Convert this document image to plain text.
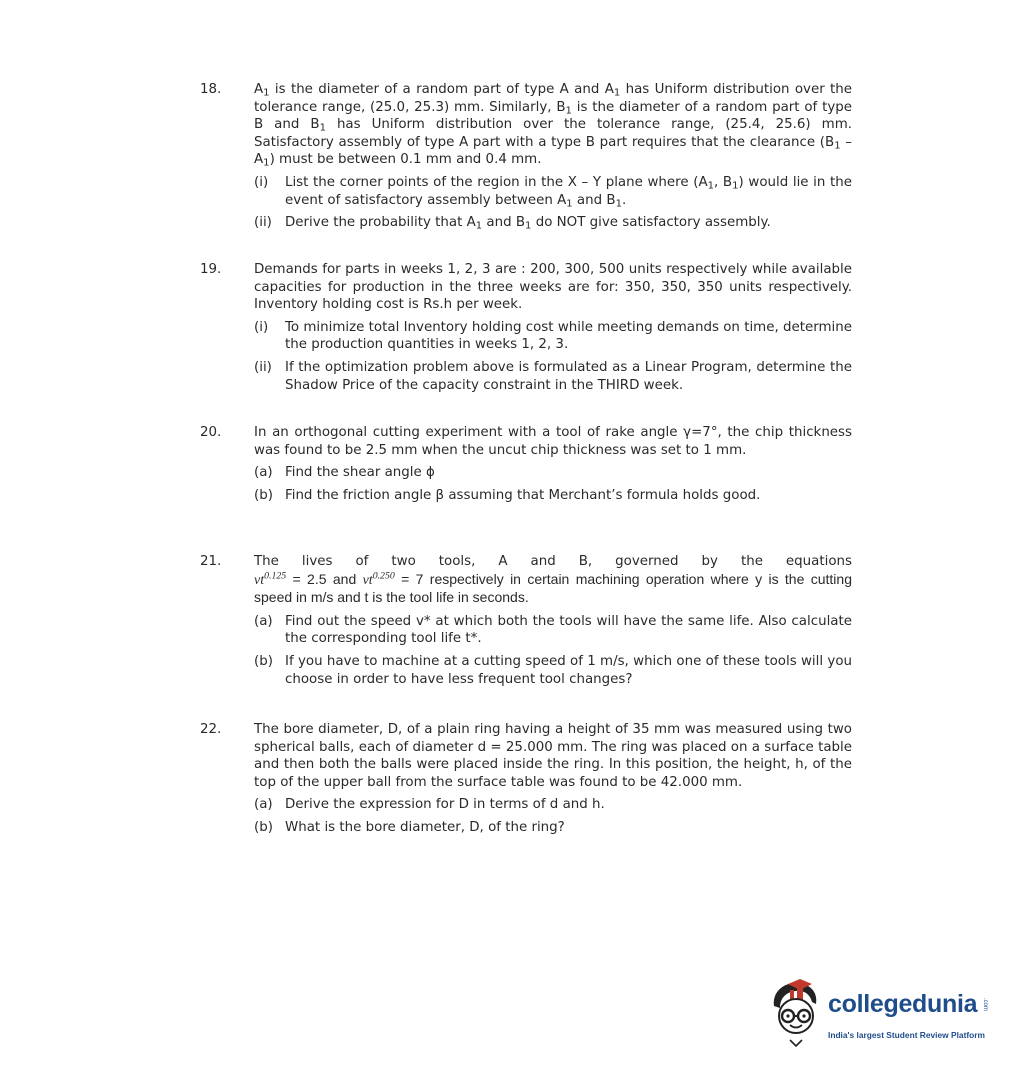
18. $A_1$ is the diameter of a random part of type A and $A_1$ has Uniform distribution over the tolerance range, (25.0, 25.3) mm. Similarly, $B_1$ is the diameter of a random part of type B and $B_1$ has Uniform distribution over the tolerance range, (25.4, 25.6) mm. Satisfactory assembly of type A part with a type B part requires that the clearance $(B_1 - A_1)$ must be between 0.1 mm and 0.4 mm.
(i)	List the corner points of the region in the X – Y plane where ($A_1$, $B_1$) would lie in the event of satisfactory assembly between $A_1$ and $B_1$.
(ii) Derive the probability that $A_1$ and $B_1$ do NOT give satisfactory assembly.
19. Demands for parts in weeks 1, 2, 3 are : 200, 300, 500 units respectively while available capacities for production in the three weeks are for: 350, 350, 350 units respectively. Inventory holding cost is Rs.h per week.
(i)	To minimize total Inventory holding cost while meeting demands on time, determine the production quantities in weeks 1, 2, 3.
(ii) If the optimization problem above is formulated as a Linear Program, determine the Shadow Price of the capacity constraint in the THIRD week.
20. In an orthogonal cutting experiment with a tool of rake angle γ=7°, the chip thickness was found to be 2.5 mm when the uncut chip thickness was set to 1 mm.
(a) Find the shear angle ϕ
(b) Find the friction angle β assuming that Merchant’s formula holds good.
21. The lives of two tools, A and B, governed by the equations $vt^{0.125} = 2.5$ and $vt^{0.250} = 7$ respectively in certain machining operation where y is the cutting speed in m/s and t is the tool life in seconds.
(a) Find out the speed v* at which both the tools will have the same life. Also calculate the corresponding tool life t*.
(b) If you have to machine at a cutting speed of 1 m/s, which one of these tools will you choose in order to have less frequent tool changes?
22. The bore diameter, D, of a plain ring having a height of 35 mm was measured using two spherical balls, each of diameter d = 25.000 mm. The ring was placed on a surface table and then both the balls were placed inside the ring. In this position, the height, h, of the top of the upper ball from the surface table was found to be 42.000 mm.
(a) Derive the expression for D in terms of d and h.
(b) What is the bore diameter, D, of the ring?
collegedunia .com
India's largest Student Review Platform
